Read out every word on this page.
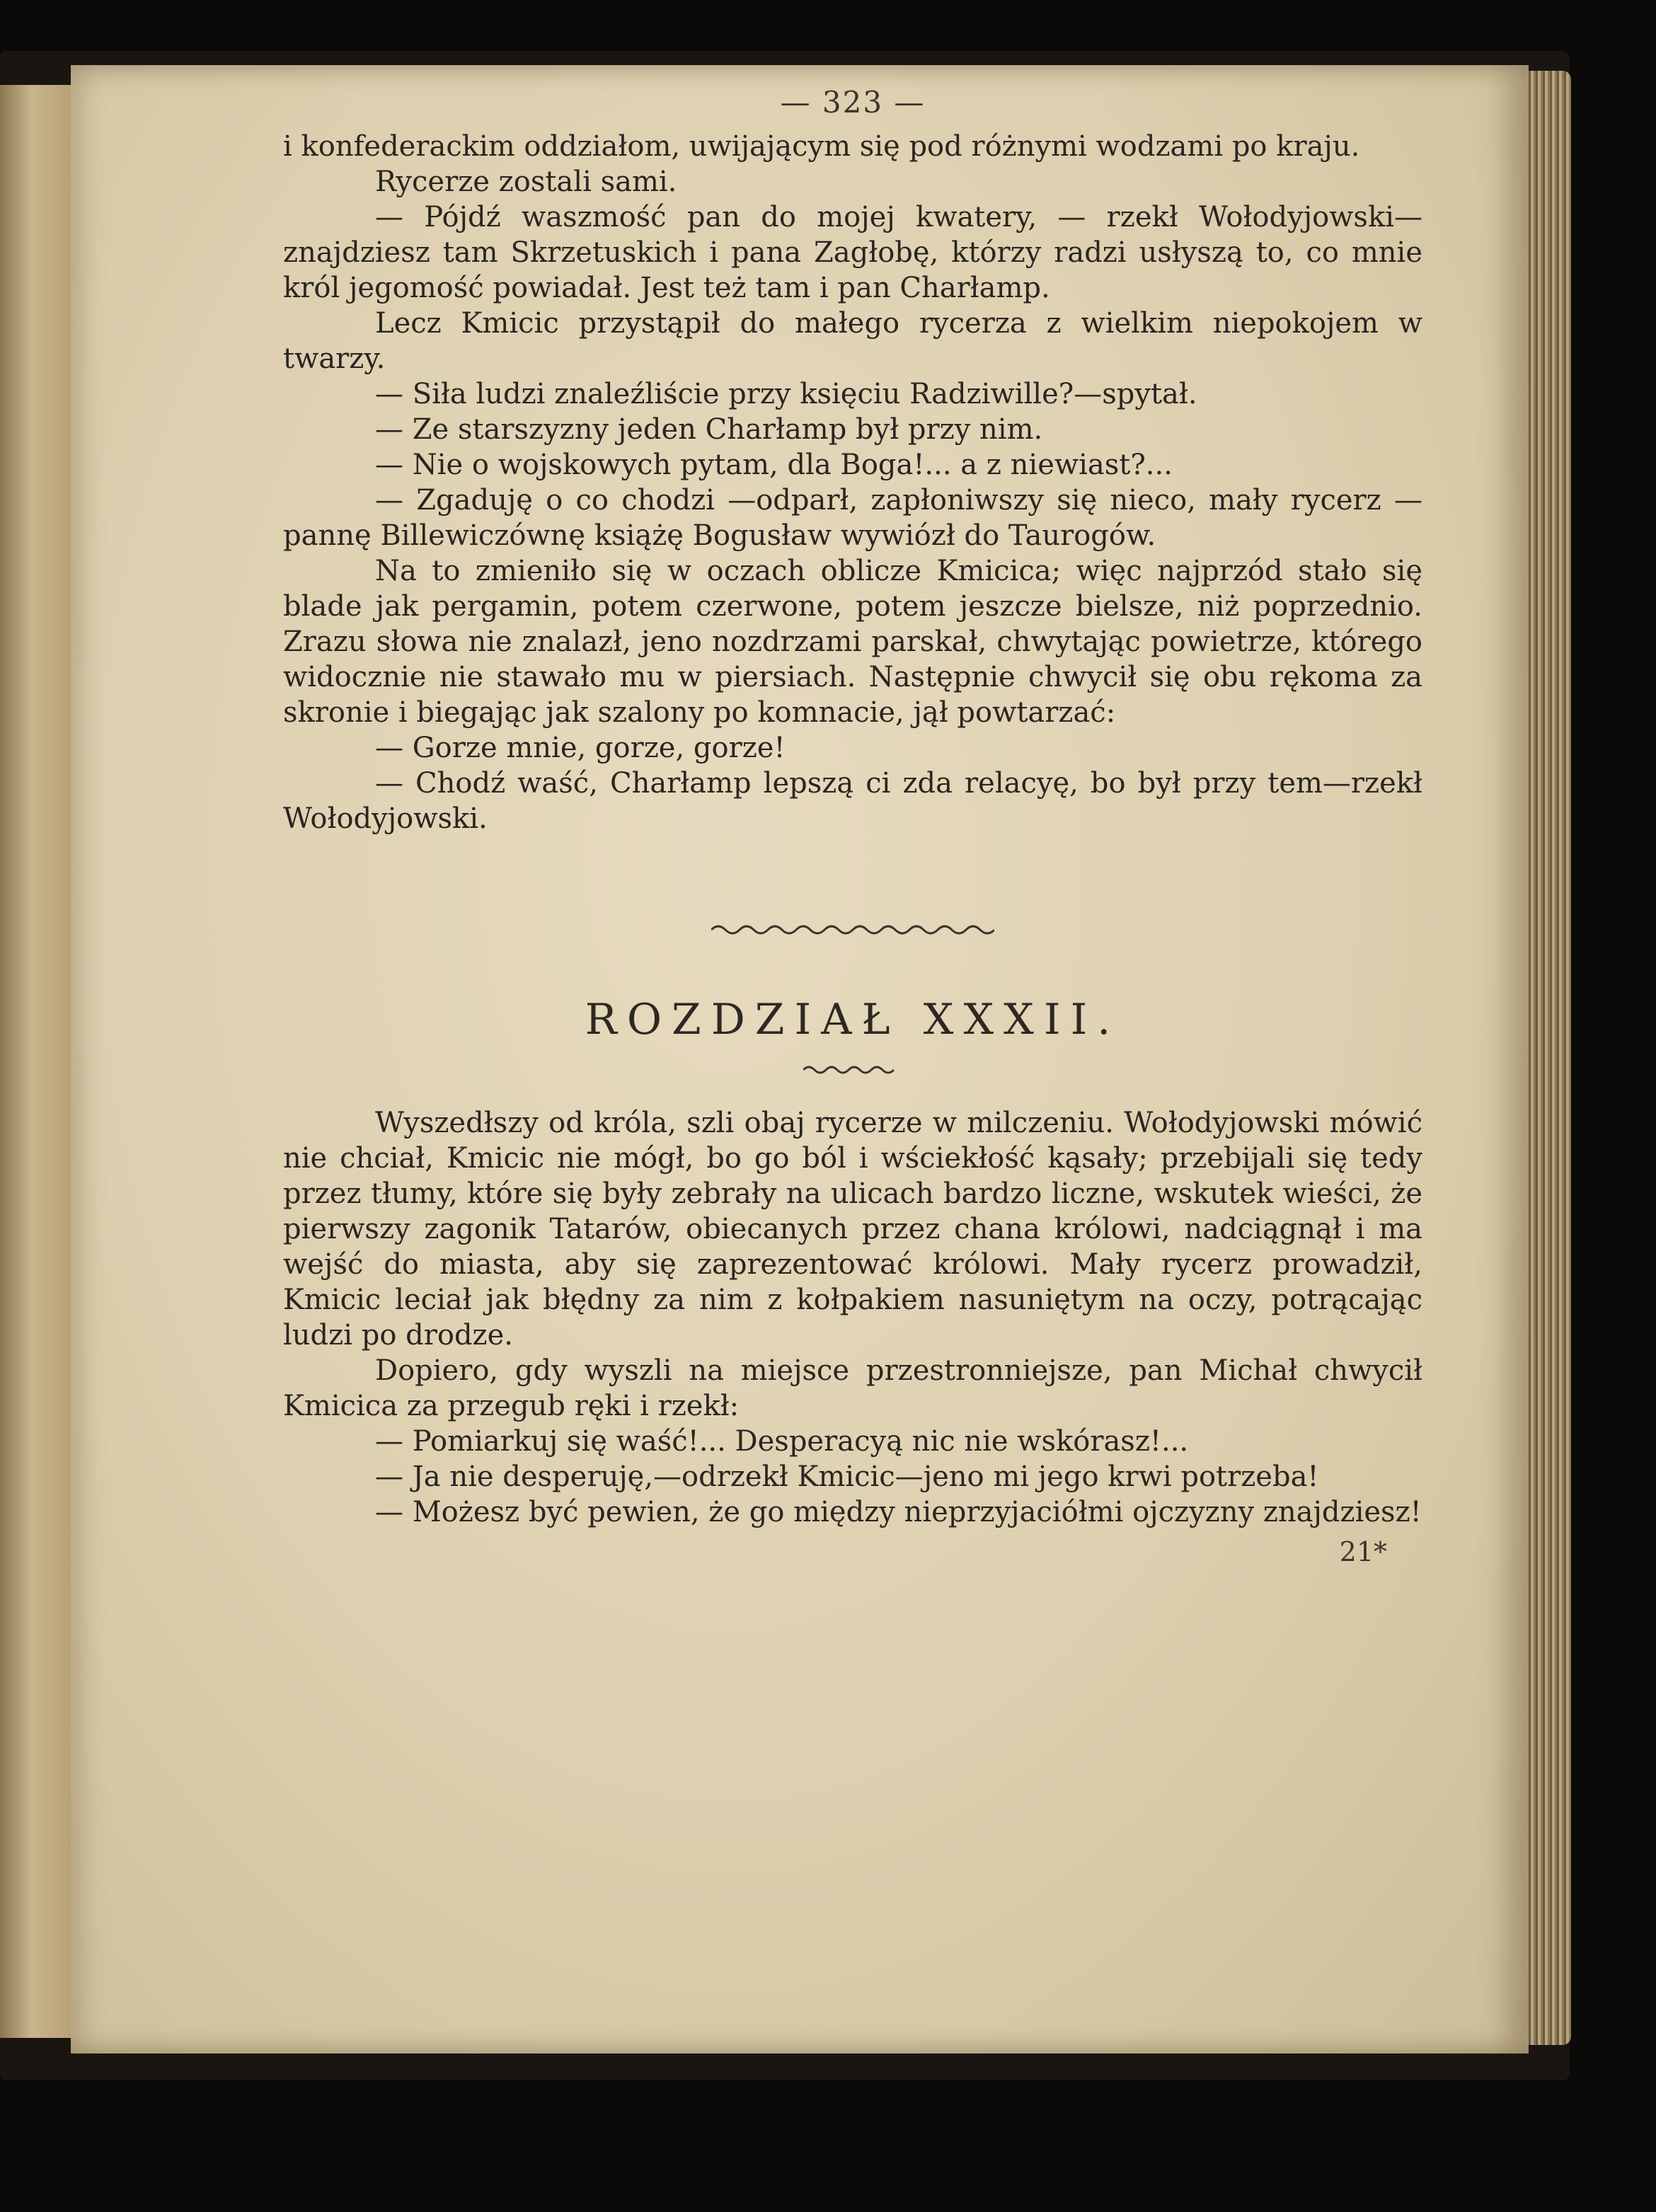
— 323 —

i konfederackim oddziałom, uwijającym się pod różnymi wodzami po kraju.

Rycerze zostali sami.

— Pójdź waszmość pan do mojej kwatery, — rzekł Wołodyjowski—znajdziesz tam Skrzetuskich i pana Zagłobę, którzy radzi usłyszą to, co mnie król jegomość powiadał. Jest też tam i pan Charłamp.

Lecz Kmicic przystąpił do małego rycerza z wielkim niepokojem w twarzy.

— Siła ludzi znaleźliście przy księciu Radziwille?—spytał.

— Ze starszyzny jeden Charłamp był przy nim.

— Nie o wojskowych pytam, dla Boga!... a z niewiast?...

— Zgaduję o co chodzi —odparł, zapłoniwszy się nieco, mały rycerz — pannę Billewiczównę książę Bogusław wywiózł do Taurogów.

Na to zmieniło się w oczach oblicze Kmicica; więc najprzód stało się blade jak pergamin, potem czerwone, potem jeszcze bielsze, niż poprzednio. Zrazu słowa nie znalazł, jeno nozdrzami parskał, chwytając powietrze, którego widocznie nie stawało mu w piersiach. Następnie chwycił się obu rękoma za skronie i biegając jak szalony po komnacie, jął powtarzać:

— Gorze mnie, gorze, gorze!

— Chodź waść, Charłamp lepszą ci zda relacyę, bo był przy tem—rzekł Wołodyjowski.

ROZDZIAŁ XXXII.

Wyszedłszy od króla, szli obaj rycerze w milczeniu. Wołodyjowski mówić nie chciał, Kmicic nie mógł, bo go ból i wściekłość kąsały; przebijali się tedy przez tłumy, które się były zebrały na ulicach bardzo liczne, wskutek wieści, że pierwszy zagonik Tatarów, obiecanych przez chana królowi, nadciągnął i ma wejść do miasta, aby się zaprezentować królowi. Mały rycerz prowadził, Kmicic leciał jak błędny za nim z kołpakiem nasuniętym na oczy, potrącając ludzi po drodze.

Dopiero, gdy wyszli na miejsce przestronniejsze, pan Michał chwycił Kmicica za przegub ręki i rzekł:

— Pomiarkuj się waść!... Desperacyą nic nie wskórasz!...

— Ja nie desperuję,—odrzekł Kmicic—jeno mi jego krwi potrzeba!

— Możesz być pewien, że go między nieprzyjaciółmi ojczyzny znajdziesz!

21*
